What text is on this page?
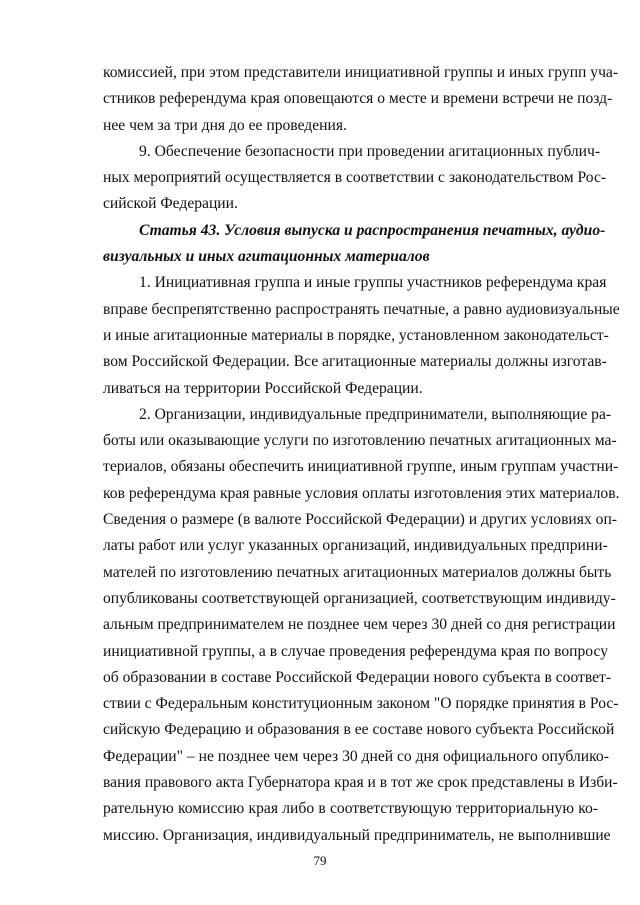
комиссией, при этом представители инициативной группы и иных групп уча-
стников референдума края оповещаются о месте и времени встречи не позд-
нее чем за три дня до ее проведения.
9. Обеспечение безопасности при проведении агитационных публич-
ных мероприятий осуществляется в соответствии с законодательством Рос-
сийской Федерации.
Статья 43. Условия выпуска и распространения печатных, аудио-
визуальных и иных агитационных материалов
1. Инициативная группа и иные группы участников референдума края
вправе беспрепятственно распространять печатные, а равно аудиовизуальные
и иные агитационные материалы в порядке, установленном законодательст-
вом Российской Федерации. Все агитационные материалы должны изготав-
ливаться на территории Российской Федерации.
2. Организации, индивидуальные предприниматели, выполняющие ра-
боты или оказывающие услуги по изготовлению печатных агитационных ма-
териалов, обязаны обеспечить инициативной группе, иным группам участни-
ков референдума края равные условия оплаты изготовления этих материалов.
Сведения о размере (в валюте Российской Федерации) и других условиях оп-
латы работ или услуг указанных организаций, индивидуальных предприни-
мателей по изготовлению печатных агитационных материалов должны быть
опубликованы соответствующей организацией, соответствующим индивиду-
альным предпринимателем не позднее чем через 30 дней со дня регистрации
инициативной группы, а в случае проведения референдума края по вопросу
об образовании в составе Российской Федерации нового субъекта в соответ-
ствии с Федеральным конституционным законом "О порядке принятия в Рос-
сийскую Федерацию и образования в ее составе нового субъекта Российской
Федерации" – не позднее чем через 30 дней со дня официального опублико-
вания правового акта Губернатора края и в тот же срок представлены в Изби-
рательную комиссию края либо в соответствующую территориальную ко-
миссию. Организация, индивидуальный предприниматель, не выполнившие
79
